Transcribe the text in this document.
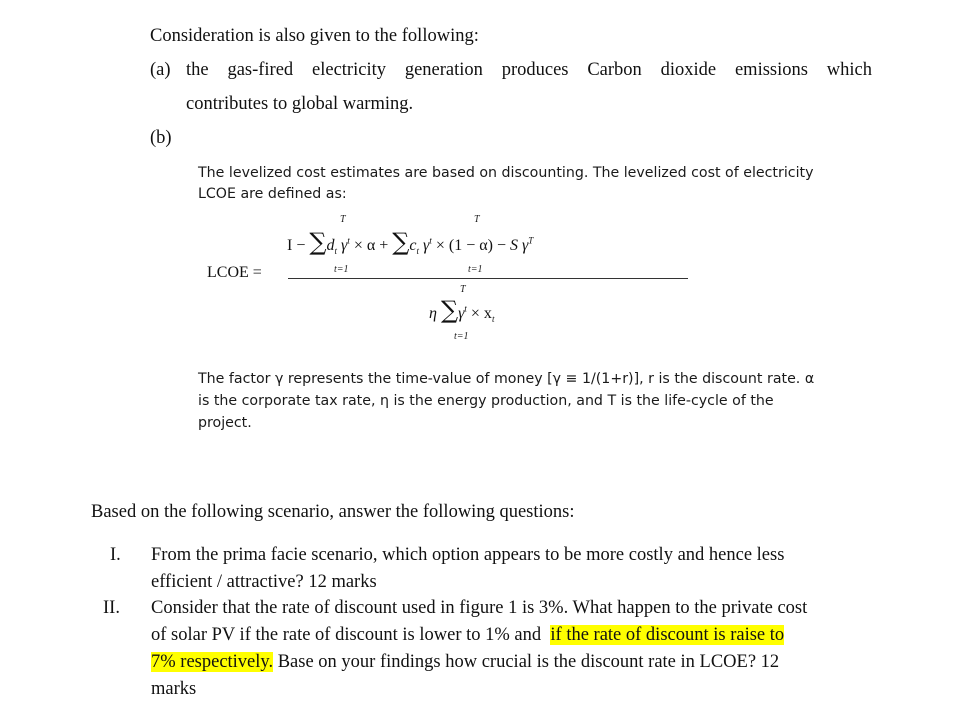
Consideration is also given to the following:
(a) the gas-fired electricity generation produces Carbon dioxide emissions which
contributes to global warming.
(b)
The levelized cost estimates are based on discounting. The levelized cost of electricity
LCOE are defined as:
LCOE =
$I - \sum d_t$ $\gamma^t \times \alpha + \sum c_t$ $\gamma^t \times (1 - \alpha) - S$ $\gamma^T$
T
t=1
T
t=1
T
η $\sum\gamma^t \times x_t$
t=1
The factor γ represents the time-value of money [γ ≡ 1/(1+r)], r is the discount rate. α
is the corporate tax rate, η is the energy production, and T is the life-cycle of the
project.
Based on the following scenario, answer the following questions:
I. From the prima facie scenario, which option appears to be more costly and hence less
efficient / attractive? 12 marks
II. Consider that the rate of discount used in figure 1 is 3%. What happen to the private cost
of solar PV if the rate of discount is lower to 1% and if the rate of discount is raise to
7% respectively. Base on your findings how crucial is the discount rate in LCOE? 12
marks
